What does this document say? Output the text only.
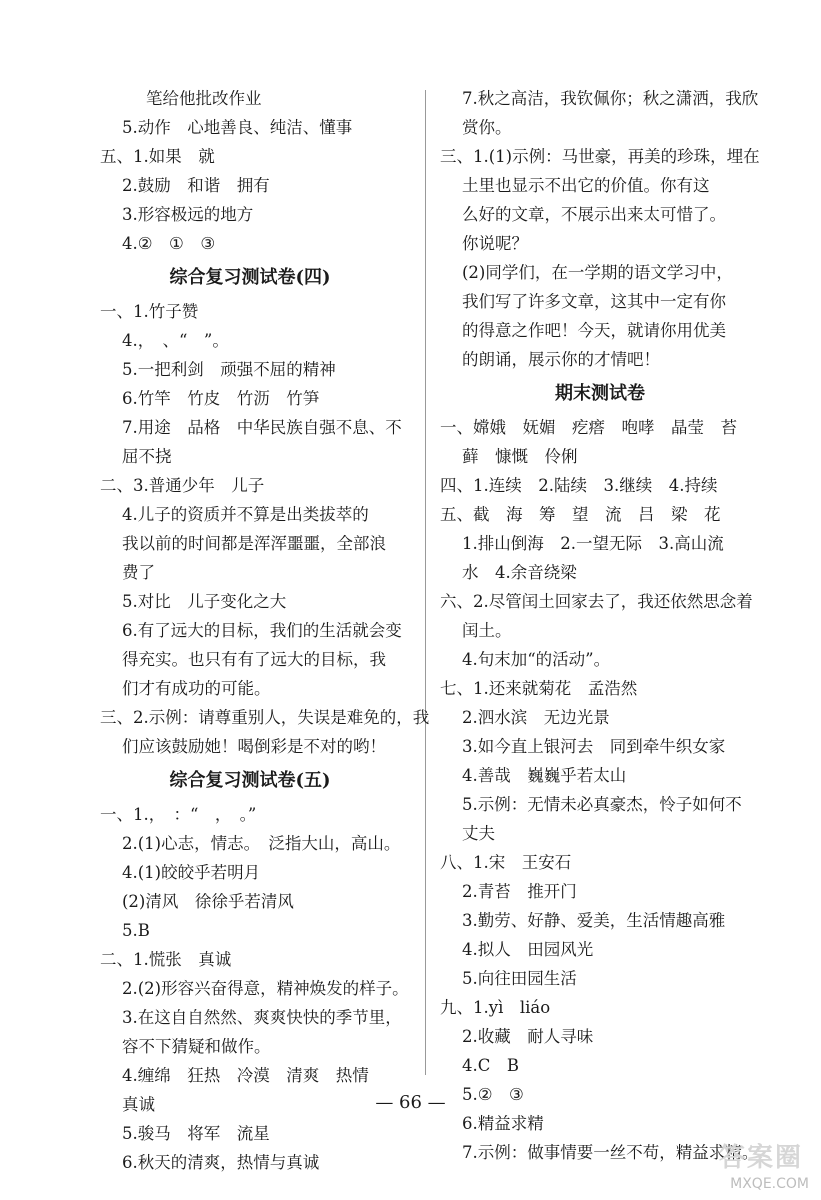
笔给他批改作业
5.动作　心地善良、纯洁、懂事
五、1.如果　就
2.鼓励　和谐　拥有
3.形容极远的地方
4.②　①　③
综合复习测试卷(四)
一、1.竹子赞
4.，　、“　”。
5.一把利剑　顽强不屈的精神
6.竹竿　竹皮　竹沥　竹笋
7.用途　品格　中华民族自强不息、不
屈不挠
二、3.普通少年　儿子
4.儿子的资质并不算是出类拔萃的
我以前的时间都是浑浑噩噩，全部浪
费了
5.对比　儿子变化之大
6.有了远大的目标，我们的生活就会变
得充实。也只有有了远大的目标，我
们才有成功的可能。
三、2.示例：请尊重别人，失误是难免的，我
们应该鼓励她！喝倒彩是不对的哟！
综合复习测试卷(五)
一、1.，　：“　，　。”
2.(1)心志，情志。　泛指大山，高山。
4.(1)皎皎乎若明月
(2)清风　徐徐乎若清风
5.B
二、1.慌张　真诚
2.(2)形容兴奋得意，精神焕发的样子。
3.在这自自然然、爽爽快快的季节里，
容不下猜疑和做作。
4.缠绵　狂热　冷漠　清爽　热情
真诚
5.骏马　将军　流星
6.秋天的清爽，热情与真诚
7.秋之高洁，我钦佩你；秋之潇洒，我欣
赏你。
三、1.(1)示例：马世豪，再美的珍珠，埋在
土里也显示不出它的价值。你有这
么好的文章，不展示出来太可惜了。
你说呢？
(2)同学们，在一学期的语文学习中，
我们写了许多文章，这其中一定有你
的得意之作吧！今天，就请你用优美
的朗诵，展示你的才情吧！
期末测试卷
一、嫦娥　妩媚　疙瘩　咆哮　晶莹　苔
藓　慷慨　伶俐
四、1.连续　2.陆续　3.继续　4.持续
五、截　海　筹　望　流　吕　梁　花
1.排山倒海　2.一望无际　3.高山流
水　4.余音绕梁
六、2.尽管闰土回家去了，我还依然思念着
闰土。
4.句末加“的活动”。
七、1.还来就菊花　孟浩然
2.泗水滨　无边光景
3.如今直上银河去　同到牵牛织女家
4.善哉　巍巍乎若太山
5.示例：无情未必真豪杰，怜子如何不
丈夫
八、1.宋　王安石
2.青苔　推开门
3.勤劳、好静、爱美，生活情趣高雅
4.拟人　田园风光
5.向往田园生活
九、1.yì　liáo
2.收藏　耐人寻味
4.C　B
5.②　③
6.精益求精
7.示例：做事情要一丝不苟，精益求精。
— 66 —
答案圈
MXQE.COM
